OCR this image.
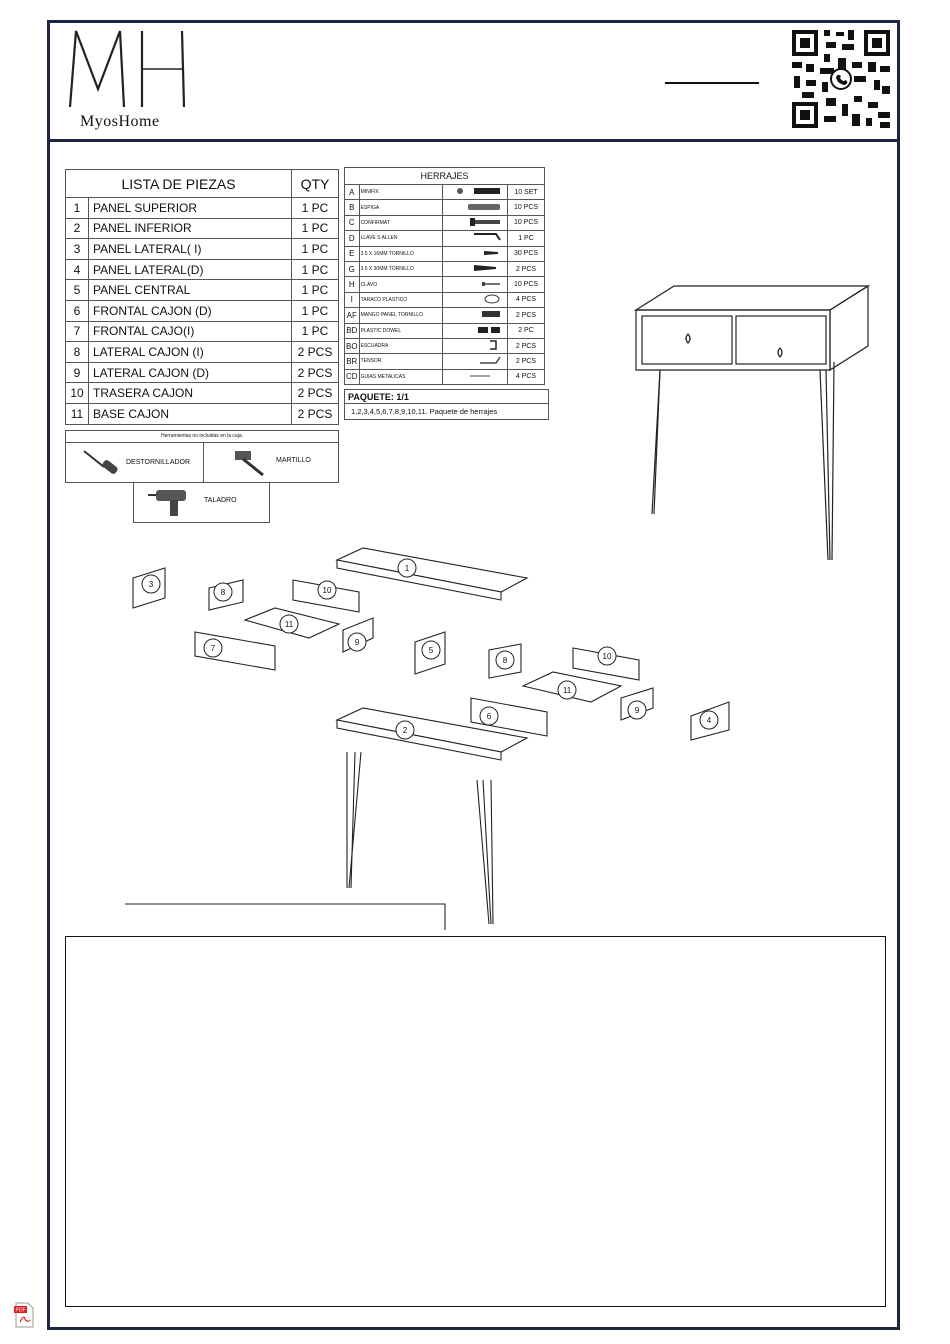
MyosHome
LISTA DE PIEZAS		QTY
1	PANEL SUPERIOR	1 PC
2	PANEL INFERIOR	1 PC
3	PANEL LATERAL( I)	1 PC
4	PANEL LATERAL(D)	1 PC
5	PANEL CENTRAL	1 PC
6	FRONTAL CAJON (D)	1 PC
7	FRONTAL CAJO(I)	1 PC
8	LATERAL CAJON (I)	2 PCS
9	LATERAL CAJON (D)	2 PCS
10	TRASERA CAJON	2 PCS
11	BASE CAJON	2 PCS
HERRAJES			
A	MINIFIX		10 SET
B	ESPIGA		10 PCS
C	CONFIRMAT		10 PCS
D	LLAVE S ALLEN		1 PC
E	3.5 X 16MM TORNILLO		30 PCS
G	3.5 X 30MM TORNILLO		2 PCS
H	CLAVO		10 PCS
I	TARACO PLASTICO		4 PCS
AF	MANGO PANEL TORNILLO		2 PCS
BD	PLASTIC DOWEL		2 PC
BO	ESCUADRA		2 PCS
BR	TENSOR		2 PCS
CD	GUIAS METALICAS		4 PCS
PAQUETE: 1/1
1,2,3,4,5,6,7,8,9,10,11. Paquete de herrajes
Herramientas no incluidas en la caja.
DESTORNILLADOR	MARTILLO
TALADRO
1
2
3
4
5
6
7
8
9
10
11
8
9
10
11
PDF
